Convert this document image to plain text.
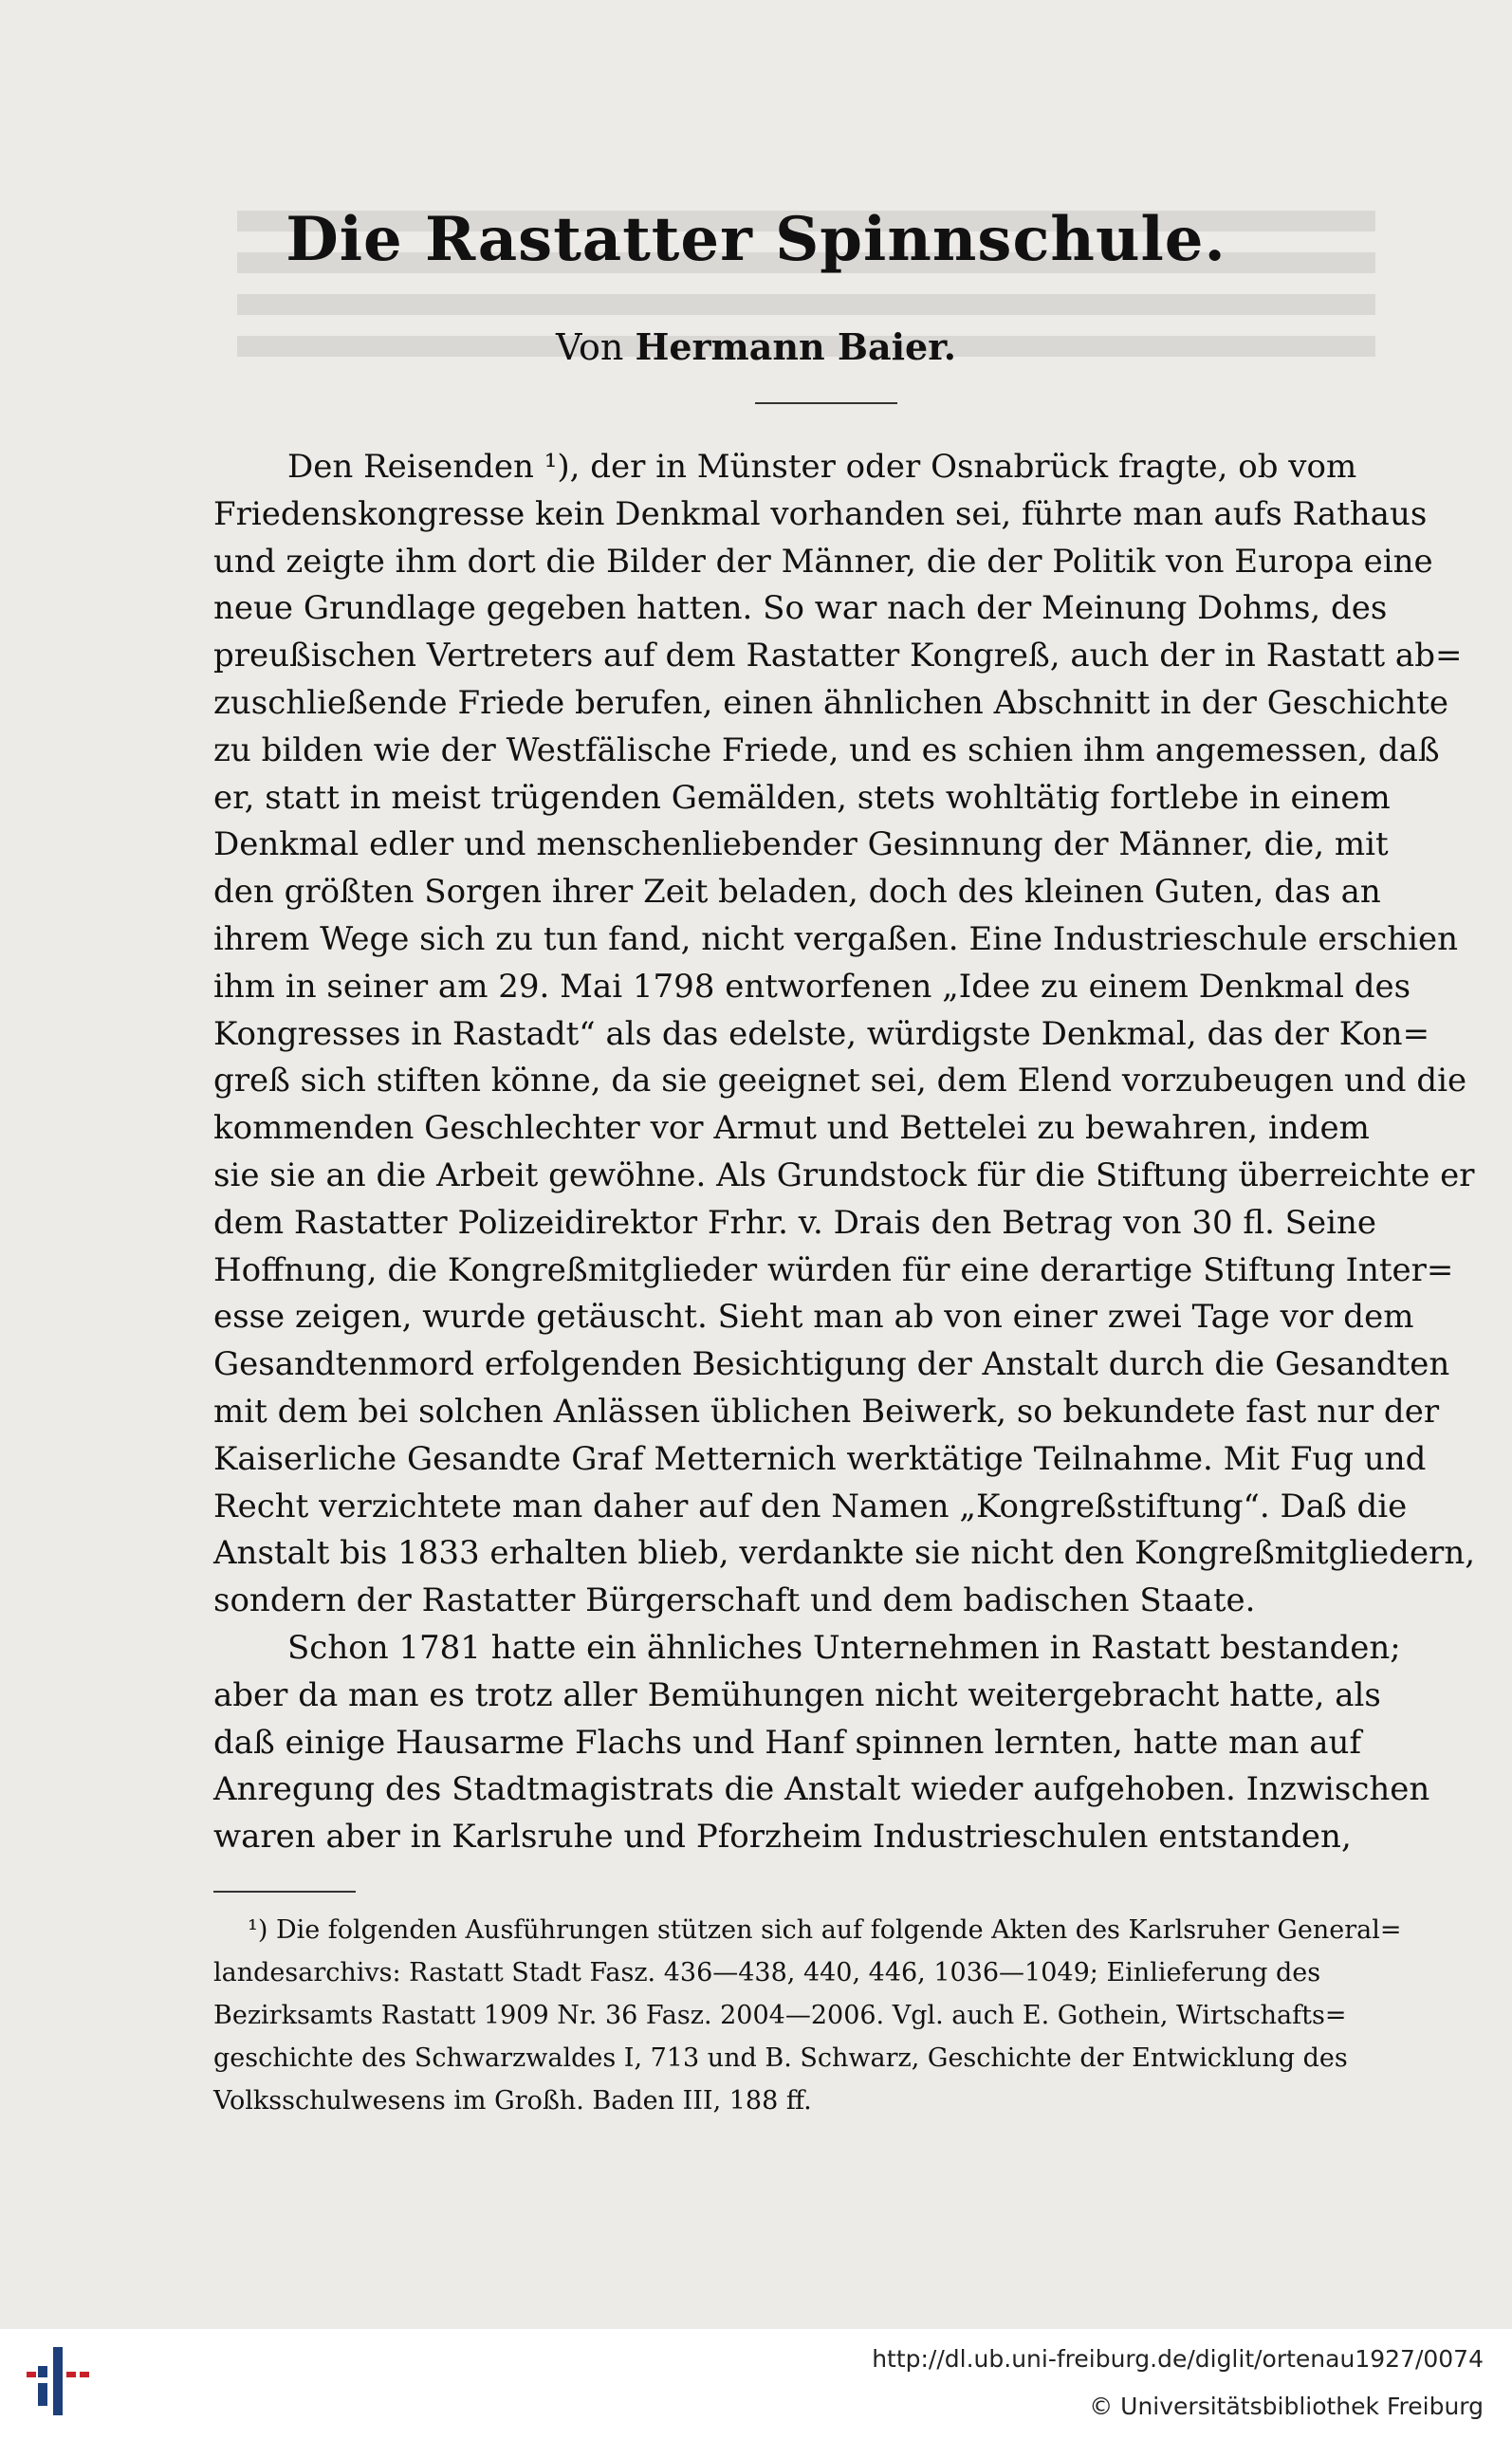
Die Rastatter Spinnschule.
Von Hermann Baier.
Den Reisenden ¹), der in Münster oder Osnabrück fragte, ob vom
Friedenskongresse kein Denkmal vorhanden sei, führte man aufs Rathaus
und zeigte ihm dort die Bilder der Männer, die der Politik von Europa eine
neue Grundlage gegeben hatten. So war nach der Meinung Dohms, des
preußischen Vertreters auf dem Rastatter Kongreß, auch der in Rastatt ab=
zuschließende Friede berufen, einen ähnlichen Abschnitt in der Geschichte
zu bilden wie der Westfälische Friede, und es schien ihm angemessen, daß
er, statt in meist trügenden Gemälden, stets wohltätig fortlebe in einem
Denkmal edler und menschenliebender Gesinnung der Männer, die, mit
den größten Sorgen ihrer Zeit beladen, doch des kleinen Guten, das an
ihrem Wege sich zu tun fand, nicht vergaßen. Eine Industrieschule erschien
ihm in seiner am 29. Mai 1798 entworfenen „Idee zu einem Denkmal des
Kongresses in Rastadt“ als das edelste, würdigste Denkmal, das der Kon=
greß sich stiften könne, da sie geeignet sei, dem Elend vorzubeugen und die
kommenden Geschlechter vor Armut und Bettelei zu bewahren, indem
sie sie an die Arbeit gewöhne. Als Grundstock für die Stiftung überreichte er
dem Rastatter Polizeidirektor Frhr. v. Drais den Betrag von 30 fl. Seine
Hoffnung, die Kongreßmitglieder würden für eine derartige Stiftung Inter=
esse zeigen, wurde getäuscht. Sieht man ab von einer zwei Tage vor dem
Gesandtenmord erfolgenden Besichtigung der Anstalt durch die Gesandten
mit dem bei solchen Anlässen üblichen Beiwerk, so bekundete fast nur der
Kaiserliche Gesandte Graf Metternich werktätige Teilnahme. Mit Fug und
Recht verzichtete man daher auf den Namen „Kongreßstiftung“. Daß die
Anstalt bis 1833 erhalten blieb, verdankte sie nicht den Kongreßmitgliedern,
sondern der Rastatter Bürgerschaft und dem badischen Staate.
Schon 1781 hatte ein ähnliches Unternehmen in Rastatt bestanden;
aber da man es trotz aller Bemühungen nicht weitergebracht hatte, als
daß einige Hausarme Flachs und Hanf spinnen lernten, hatte man auf
Anregung des Stadtmagistrats die Anstalt wieder aufgehoben. Inzwischen
waren aber in Karlsruhe und Pforzheim Industrieschulen entstanden,
¹) Die folgenden Ausführungen stützen sich auf folgende Akten des Karlsruher General=
landesarchivs: Rastatt Stadt Fasz. 436—438, 440, 446, 1036—1049; Einlieferung des
Bezirksamts Rastatt 1909 Nr. 36 Fasz. 2004—2006. Vgl. auch E. Gothein, Wirtschafts=
geschichte des Schwarzwaldes I, 713 und B. Schwarz, Geschichte der Entwicklung des
Volksschulwesens im Großh. Baden III, 188 ff.
http://dl.ub.uni-freiburg.de/diglit/ortenau1927/0074
© Universitätsbibliothek Freiburg
